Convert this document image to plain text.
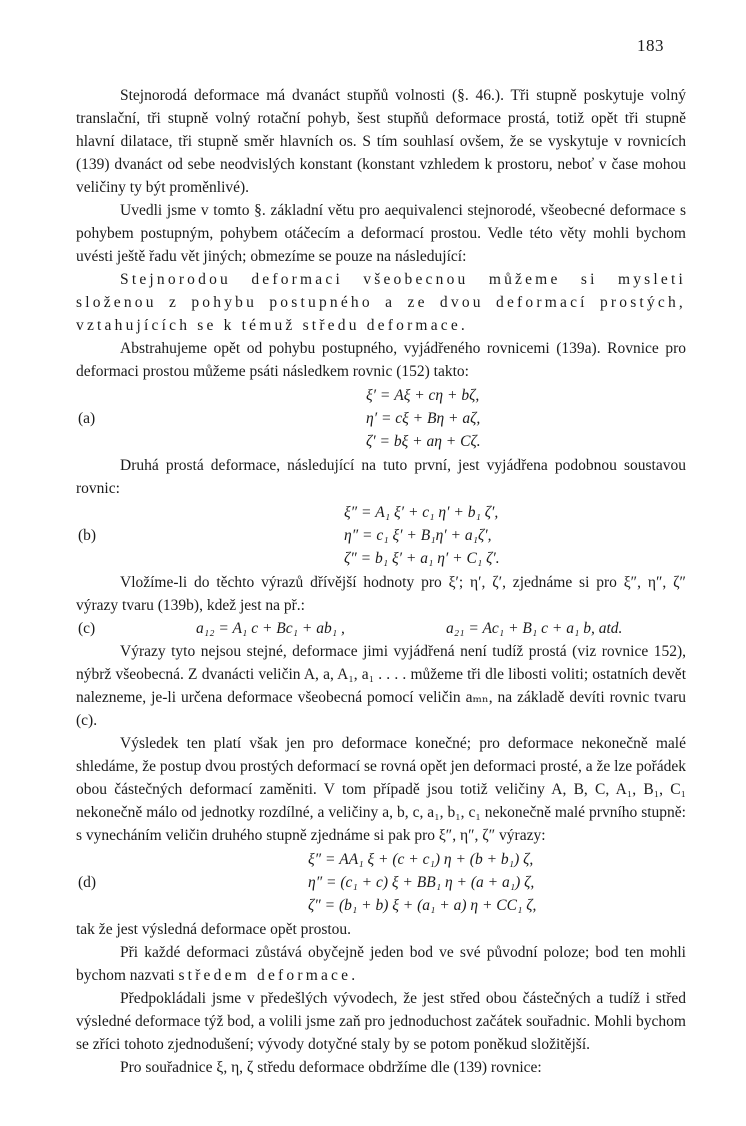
183

Stejnorodá deformace má dvanáct stupňů volnosti (§. 46.). Tři stupně poskytuje volný translační, tři stupně volný rotační pohyb, šest stupňů deformace prostá, totiž opět tři stupně hlavní dilatace, tři stupně směr hlavních os. S tím souhlasí ovšem, že se vyskytuje v rovnicích (139) dvanáct od sebe neodvislých konstant (konstant vzhledem k prostoru, neboť v čase mohou veličiny ty být proměnlivé).

Uvedli jsme v tomto §. základní větu pro aequivalenci stejnorodé, všeobecné deformace s pohybem postupným, pohybem otáčecím a deformací prostou. Vedle této věty mohli bychom uvésti ještě řadu vět jiných; obmezíme se pouze na následující:

Stejnorodou deformaci všeobecnou můžeme si mysleti složenou z pohybu postupného a ze dvou deformací prostých, vztahujících se k témuž středu deformace.

Abstrahujeme opět od pohybu postupného, vyjádřeného rovnicemi (139a). Rovnice pro deformaci prostou můžeme psáti následkem rovnic (152) takto:

(a)
ξ′ = Aξ + cη + bζ,
η′ = cξ + Bη + aζ,
ζ′ = bξ + aη + Cζ.

Druhá prostá deformace, následující na tuto první, jest vyjádřena podobnou soustavou rovnic:

(b)
ξ″ = A₁ ξ′ + c₁ η′ + b₁ ζ′,
η″ = c₁ ξ′ + B₁η′ + a₁ζ′,
ζ″ = b₁ ξ′ + a₁ η′ + C₁ ζ′.

Vložíme-li do těchto výrazů dřívější hodnoty pro ξ′; η′, ζ′, zjednáme si pro ξ″, η″, ζ″ výrazy tvaru (139b), kdež jest na př.:

(c)	a₁₂ = A₁ c + Bc₁ + ab₁ ,	a₂₁ = Ac₁ + B₁ c + a₁ b, atd.

Výrazy tyto nejsou stejné, deformace jimi vyjádřená není tudíž prostá (viz rovnice 152), nýbrž všeobecná. Z dvanácti veličin A, a, A₁, a₁ . . . . můžeme tři dle libosti voliti; ostatních devět nalezneme, je-li určena deformace všeobecná pomocí veličin aₘₙ, na základě devíti rovnic tvaru (c).

Výsledek ten platí však jen pro deformace konečné; pro deformace nekonečně malé shledáme, že postup dvou prostých deformací se rovná opět jen deformaci prosté, a že lze pořádek obou částečných deformací zaměniti. V tom případě jsou totiž veličiny A, B, C, A₁, B₁, C₁ nekonečně málo od jednotky rozdílné, a veličiny a, b, c, a₁, b₁, c₁ nekonečně malé prvního stupně: s vynecháním veličin druhého stupně zjednáme si pak pro ξ″, η″, ζ″ výrazy:

(d)
ξ″ = AA₁ ξ + (c + c₁) η + (b + b₁) ζ,
η″ = (c₁ + c) ξ + BB₁ η + (a + a₁) ζ,
ζ″ = (b₁ + b) ξ + (a₁ + a) η + CC₁ ζ,

tak že jest výsledná deformace opět prostou.

Při každé deformaci zůstává obyčejně jeden bod ve své původní poloze; bod ten mohli bychom nazvati středem deformace.

Předpokládali jsme v předešlých vývodech, že jest střed obou částečných a tudíž i střed výsledné deformace týž bod, a volili jsme zaň pro jednoduchost začátek souřadnic. Mohli bychom se zříci tohoto zjednodušení; vývody dotyčné staly by se potom poněkud složitější.

Pro souřadnice ξ, η, ζ středu deformace obdržíme dle (139) rovnice:
